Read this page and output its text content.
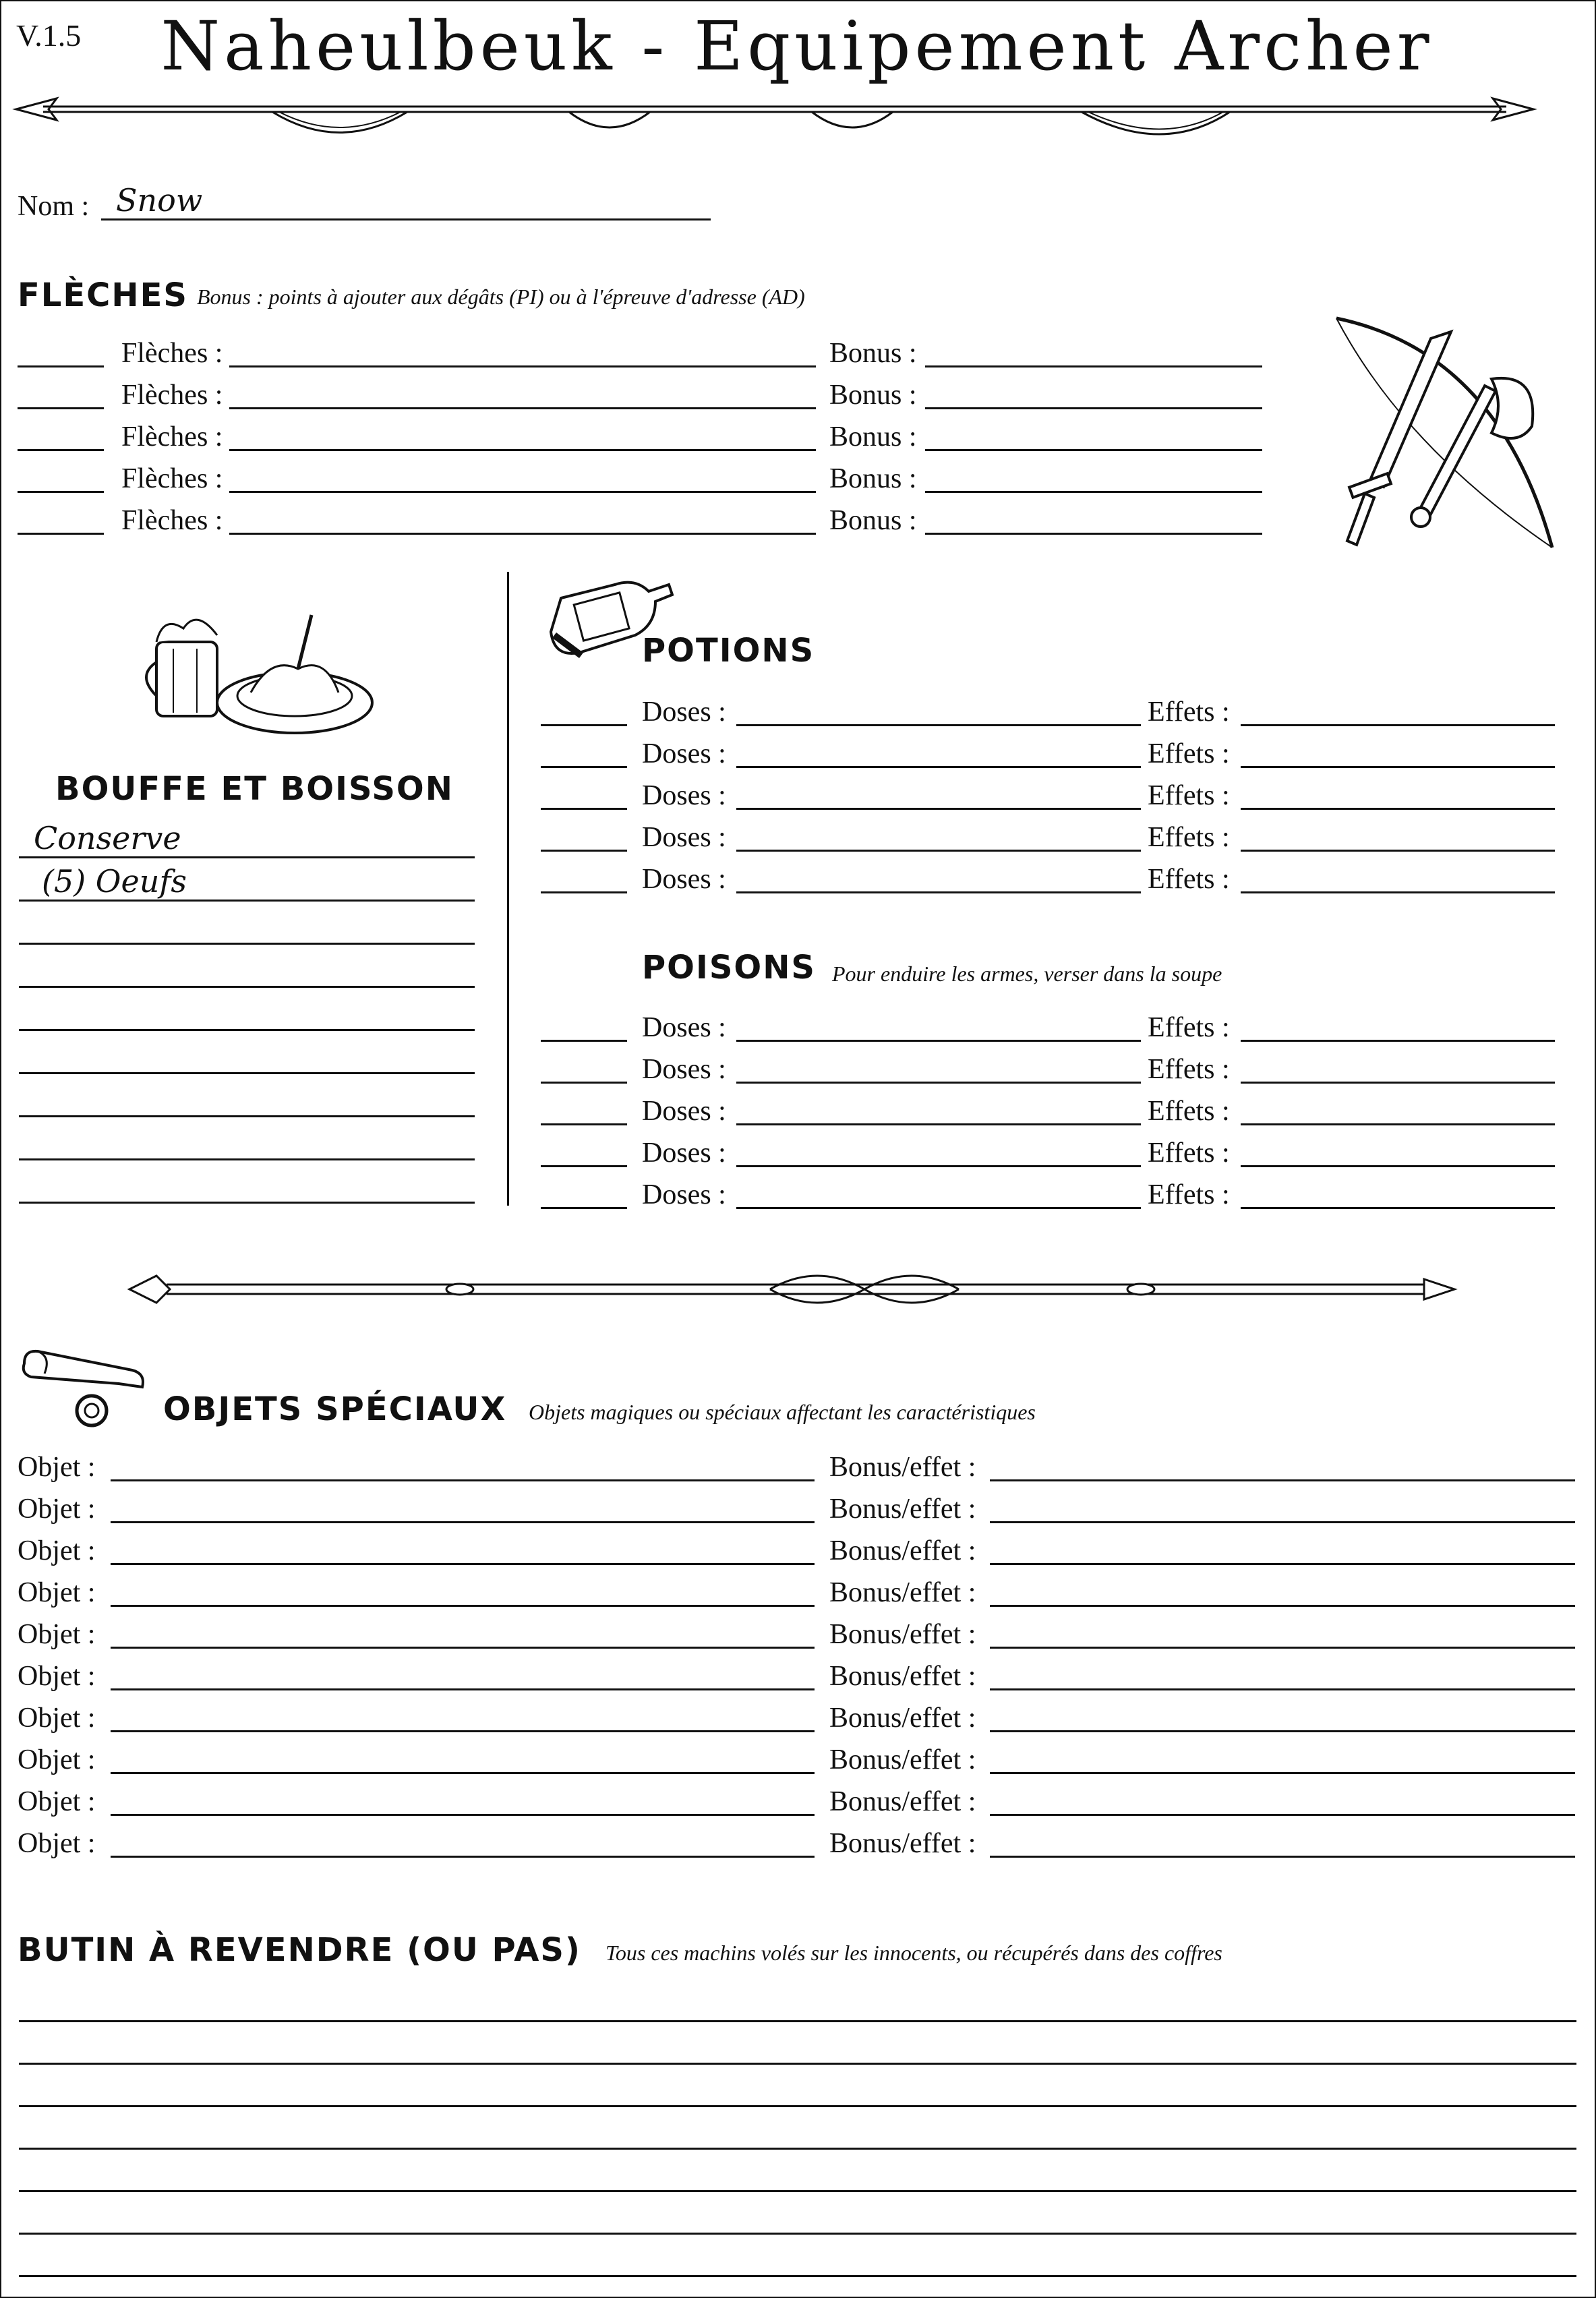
V.1.5	Naheulbeuk - Equipement Archer
Nom : Snow
FLÈCHES Bonus : points à ajouter aux dégâts (PI) ou à l'épreuve d'adresse (AD)
Flèches :	Bonus :
Flèches :	Bonus :
Flèches :	Bonus :
Flèches :	Bonus :
Flèches :	Bonus :
BOUFFE ET BOISSON
Conserve
(5) Oeufs
POTIONS
Doses :	Effets :
Doses :	Effets :
Doses :	Effets :
Doses :	Effets :
Doses :	Effets :
POISONS Pour enduire les armes, verser dans la soupe
Doses :	Effets :
Doses :	Effets :
Doses :	Effets :
Doses :	Effets :
Doses :	Effets :
OBJETS SPÉCIAUX Objets magiques ou spéciaux affectant les caractéristiques
Objet :	Bonus/effet :
Objet :	Bonus/effet :
Objet :	Bonus/effet :
Objet :	Bonus/effet :
Objet :	Bonus/effet :
Objet :	Bonus/effet :
Objet :	Bonus/effet :
Objet :	Bonus/effet :
Objet :	Bonus/effet :
Objet :	Bonus/effet :
BUTIN À REVENDRE (OU PAS) Tous ces machins volés sur les innocents, ou récupérés dans des coffres
